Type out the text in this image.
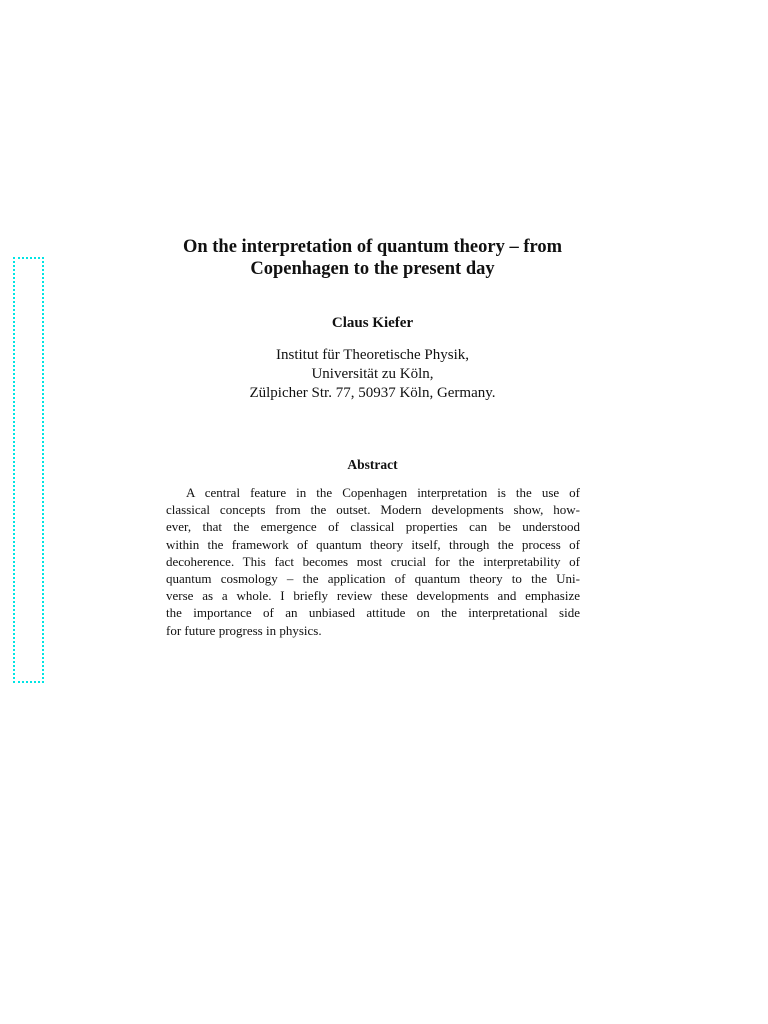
On the interpretation of quantum theory – from
Copenhagen to the present day
Claus Kiefer
Institut für Theoretische Physik,
Universität zu Köln,
Zülpicher Str. 77, 50937 Köln, Germany.
Abstract
A central feature in the Copenhagen interpretation is the use of
classical concepts from the outset. Modern developments show, how-
ever, that the emergence of classical properties can be understood
within the framework of quantum theory itself, through the process of
decoherence. This fact becomes most crucial for the interpretability of
quantum cosmology – the application of quantum theory to the Uni-
verse as a whole. I briefly review these developments and emphasize
the importance of an unbiased attitude on the interpretational side
for future progress in physics.
